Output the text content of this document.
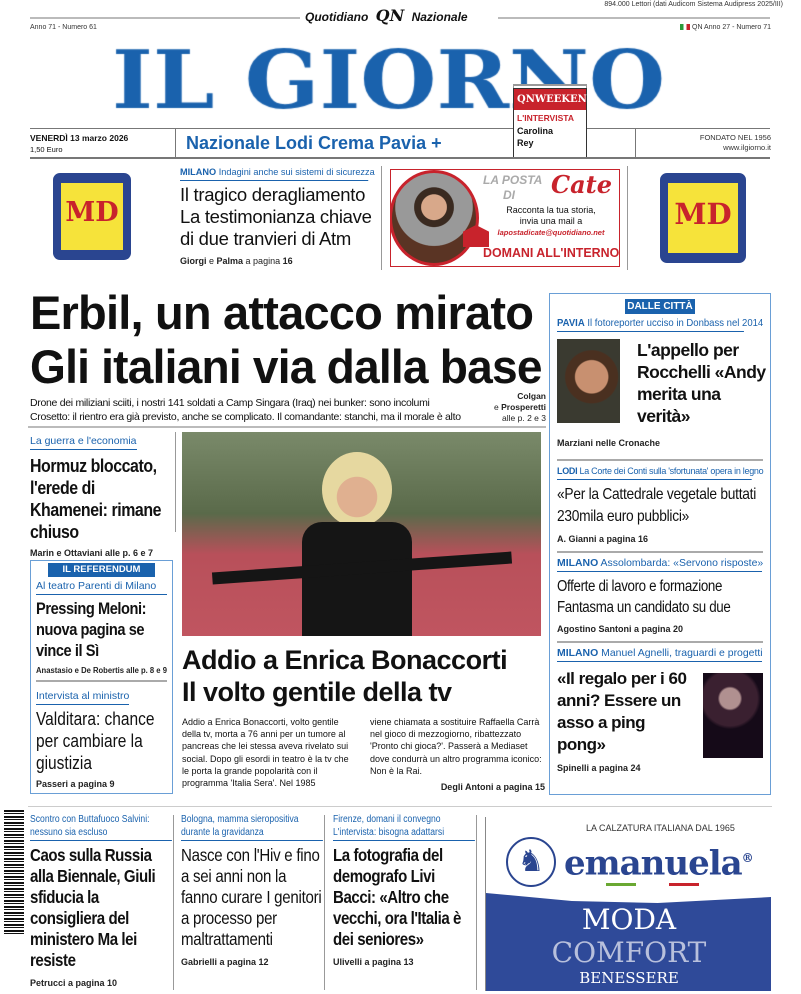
894.000 Lettori (dati Audicom Sistema Audipress 2025/III)
Quotidiano QN Nazionale
Anno 71 - Numero 61	QN Anno 27 - Numero 71
QNWEEKEND
L'INTERVISTA
Carolina
Rey
VENERDÌ 13 marzo 2026
1,50 Euro	Nazionale Lodi Crema Pavia +	FONDATO NEL 1956
www.ilgiorno.it
MD	MD
MILANO Indagini anche sui sistemi di sicurezza
Il tragico deragliamento
La testimonianza chiave
di due tranvieri di Atm
Giorgi e Palma a pagina 16
LA POSTA
DI	Cate
Racconta la tua storia,
invia una mail a
lapostadicate@quotidiano.net
DOMANI ALL'INTERNO
Erbil, un attacco mirato
Gli italiani via dalla base
Drone dei miliziani sciiti, i nostri 141 soldati a Camp Singara (Iraq) nei bunker: sono incolumi
Crosetto: il rientro era già previsto, anche se complicato. Il comandante: stanchi, ma il morale è alto
Colgan
e Prosperetti
alle p. 2 e 3
La guerra e l'economia
Hormuz bloccato, l'erede di Khamenei: rimane chiuso
Marin e Ottaviani alle p. 6 e 7
IL REFERENDUM
Al teatro Parenti di Milano
Pressing Meloni: nuova pagina se vince il Sì
Anastasio e De Robertis alle p. 8 e 9
Intervista al ministro
Valditara: chance per cambiare la giustizia
Passeri a pagina 9
Addio a Enrica Bonaccorti
Il volto gentile della tv
Addio a Enrica Bonaccorti, volto gentile della tv, morta a 76 anni per un tumore al pancreas che lei stessa aveva rivelato sui social. Dopo gli esordi in teatro è la tv che le porta la grande popolarità con il programma 'Italia Sera'. Nel 1985
viene chiamata a sostituire Raffaella Carrà nel gioco di mezzogiorno, ribattezzato 'Pronto chi gioca?'. Passerà a Mediaset dove condurrà un altro programma iconico: Non è la Rai.
Degli Antoni a pagina 15
DALLE CITTÀ
PAVIA Il fotoreporter ucciso in Donbass nel 2014
L'appello per Rocchelli «Andy merita una verità»
Marziani nelle Cronache
LODI La Corte dei Conti sulla 'sfortunata' opera in legno
«Per la Cattedrale vegetale buttati 230mila euro pubblici»
A. Gianni a pagina 16
MILANO Assolombarda: «Servono risposte»
Offerte di lavoro e formazione Fantasma un candidato su due
Agostino Santoni a pagina 20
MILANO Manuel Agnelli, traguardi e progetti
«Il regalo per i 60 anni? Essere un asso a ping pong»
Spinelli a pagina 24
Scontro con Buttafuoco Salvini: nessuno sia escluso
Caos sulla Russia alla Biennale, Giuli sfiducia la consigliera del ministero Ma lei resiste
Petrucci a pagina 10
Bologna, mamma sieropositiva durante la gravidanza
Nasce con l'Hiv e fino a sei anni non la fanno curare I genitori a processo per maltrattamenti
Gabrielli a pagina 12
Firenze, domani il convegno L'intervista: bisogna adattarsi
La fotografia del demografo Livi Bacci: «Altro che vecchi, ora l'Italia è dei seniores»
Ulivelli a pagina 13
LA CALZATURA ITALIANA DAL 1965
♞ emanuela®
MODA
COMFORT
BENESSERE
